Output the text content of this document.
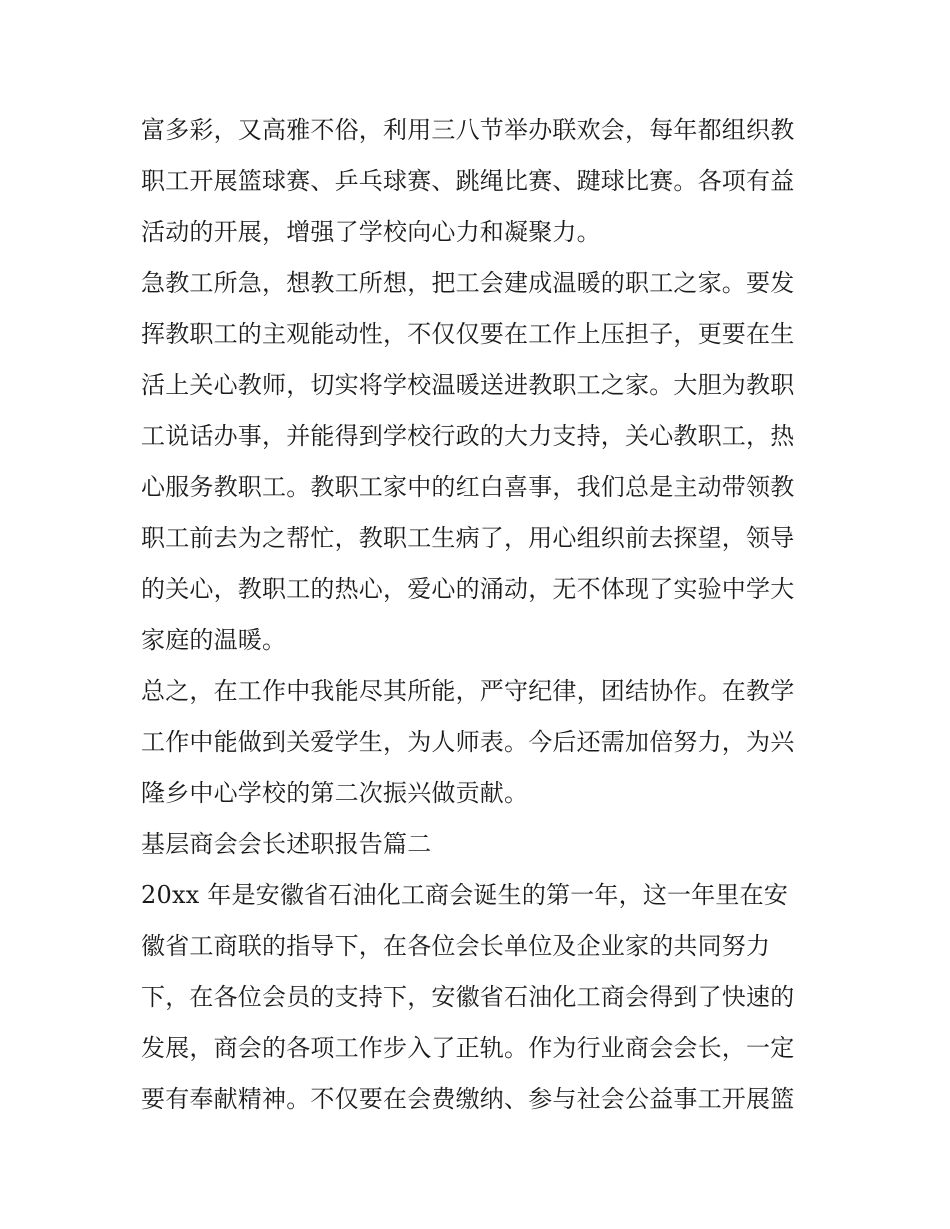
富多彩，又高雅不俗，利用三八节举办联欢会，每年都组织教
职工开展篮球赛、乒乓球赛、跳绳比赛、踺球比赛。各项有益
活动的开展，增强了学校向心力和凝聚力。
急教工所急，想教工所想，把工会建成温暖的职工之家。要发
挥教职工的主观能动性，不仅仅要在工作上压担子，更要在生
活上关心教师，切实将学校温暖送进教职工之家。大胆为教职
工说话办事，并能得到学校行政的大力支持，关心教职工，热
心服务教职工。教职工家中的红白喜事，我们总是主动带领教
职工前去为之帮忙，教职工生病了，用心组织前去探望，领导
的关心，教职工的热心，爱心的涌动，无不体现了实验中学大
家庭的温暖。
总之，在工作中我能尽其所能，严守纪律，团结协作。在教学
工作中能做到关爱学生，为人师表。今后还需加倍努力，为兴
隆乡中心学校的第二次振兴做贡献。
基层商会会长述职报告篇二
20xx 年是安徽省石油化工商会诞生的第一年，这一年里在安
徽省工商联的指导下，在各位会长单位及企业家的共同努力
下，在各位会员的支持下，安徽省石油化工商会得到了快速的
发展，商会的各项工作步入了正轨。作为行业商会会长，一定
要有奉献精神。不仅要在会费缴纳、参与社会公益事工开展篮
